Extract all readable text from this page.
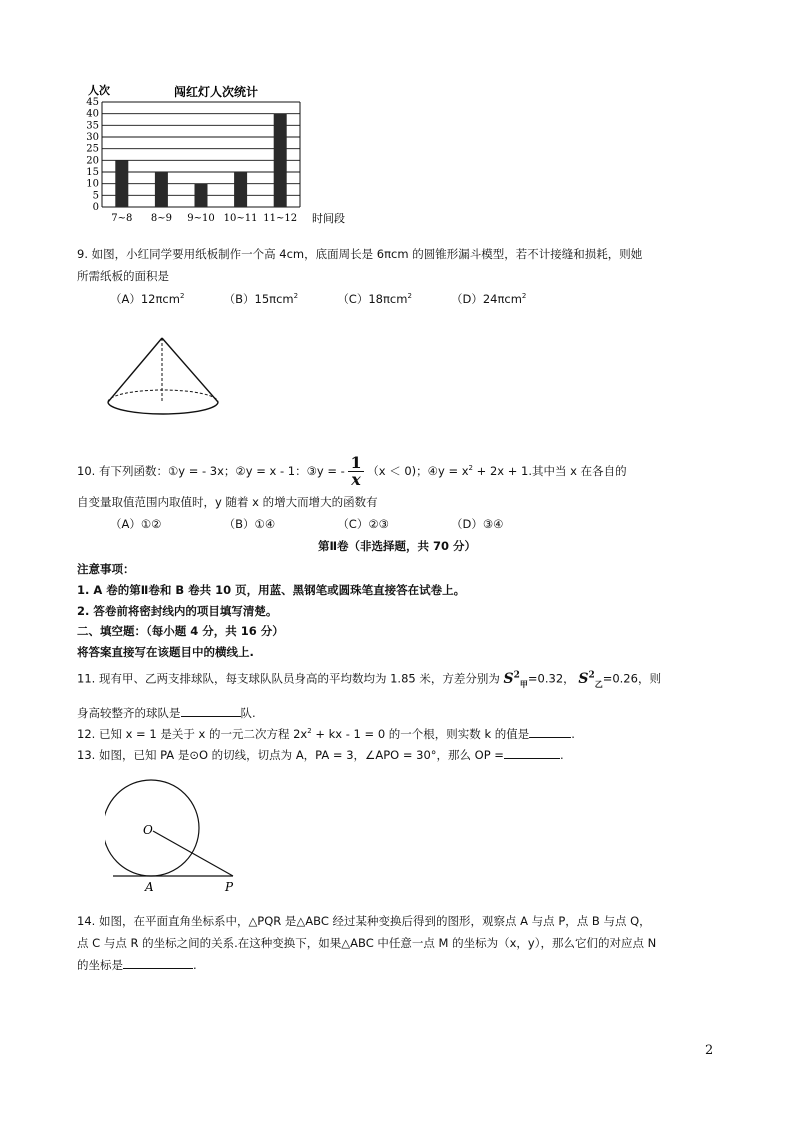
人次	闯红灯人次统计
时间段
0
5
10
15
20
25
30
35
40
45
7~8 8~9 9~10 10~11 11~12
9. 如图，小红同学要用纸板制作一个高 4cm，底面周长是 6πcm 的圆锥形漏斗模型，若不计接缝和损耗，则她
所需纸板的面积是
（A）12πcm$^2$	（B）15πcm$^2$	（C）18πcm$^2$	（D）24πcm$^2$
10. 有下列函数：①y = - 3x；②y = x - 1：③y = - $\frac{1}{x} (x < 0)$；④y = $x^2 + 2x + 1$.其中当 x 在各自的
自变量取值范围内取值时，y 随着 x 的增大而增大的函数有
（A）①②	（B）①④	（C）②③	（D）③④
第Ⅱ卷（非选择题，共 70 分）
注意事项：
1. A 卷的第Ⅱ卷和 B 卷共 10 页，用蓝、黑钢笔或圆珠笔直接答在试卷上。
2. 答卷前将密封线内的项目填写清楚。
二、填空题：（每小题 4 分，共 16 分）
将答案直接写在该题目中的横线上.
11. 现有甲、乙两支排球队，每支球队队员身高的平均数均为 1.85 米，方差分别为 $S^2_甲=0.32$， $S^2_乙=0.26$，则
身高较整齐的球队是	队.
12. 已知 x = 1 是关于 x 的一元二次方程 $2x^2$ + kx - 1 = 0 的一个根，则实数 k 的值是	.
13. 如图，已知 PA 是⊙O 的切线，切点为 A，PA = 3，∠APO = 30°，那么 OP =	.
O
A	P
14. 如图，在平面直角坐标系中，△PQR 是△ABC 经过某种变换后得到的图形，观察点 A 与点 P，点 B 与点 Q，
点 C 与点 R 的坐标之间的关系.在这种变换下，如果△ABC 中任意一点 M 的坐标为（x，y），那么它们的对应点 N
的坐标是	.
2
